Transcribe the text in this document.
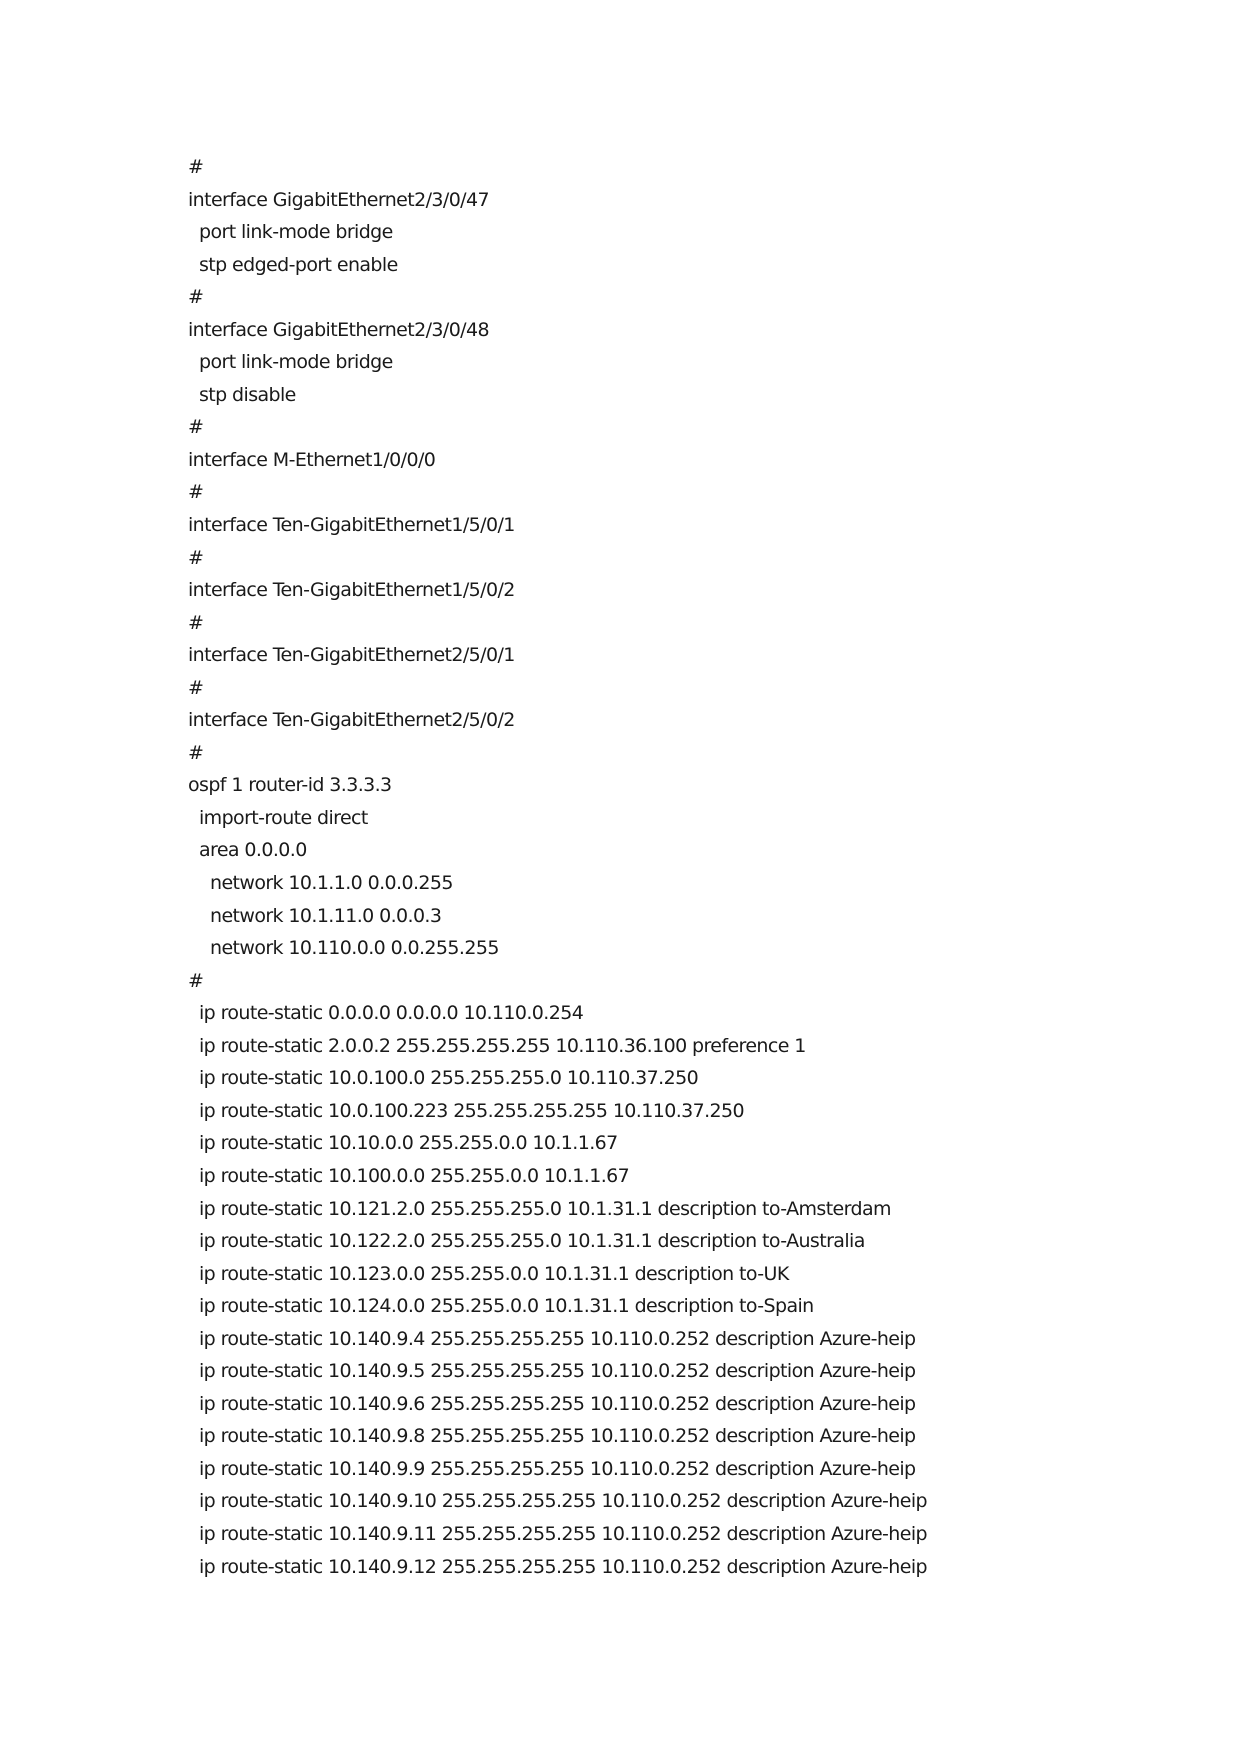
#
interface GigabitEthernet2/3/0/47
port link-mode bridge
stp edged-port enable
#
interface GigabitEthernet2/3/0/48
port link-mode bridge
stp disable
#
interface M-Ethernet1/0/0/0
#
interface Ten-GigabitEthernet1/5/0/1
#
interface Ten-GigabitEthernet1/5/0/2
#
interface Ten-GigabitEthernet2/5/0/1
#
interface Ten-GigabitEthernet2/5/0/2
#
ospf 1 router-id 3.3.3.3
import-route direct
area 0.0.0.0
network 10.1.1.0 0.0.0.255
network 10.1.11.0 0.0.0.3
network 10.110.0.0 0.0.255.255
#
ip route-static 0.0.0.0 0.0.0.0 10.110.0.254
ip route-static 2.0.0.2 255.255.255.255 10.110.36.100 preference 1
ip route-static 10.0.100.0 255.255.255.0 10.110.37.250
ip route-static 10.0.100.223 255.255.255.255 10.110.37.250
ip route-static 10.10.0.0 255.255.0.0 10.1.1.67
ip route-static 10.100.0.0 255.255.0.0 10.1.1.67
ip route-static 10.121.2.0 255.255.255.0 10.1.31.1 description to-Amsterdam
ip route-static 10.122.2.0 255.255.255.0 10.1.31.1 description to-Australia
ip route-static 10.123.0.0 255.255.0.0 10.1.31.1 description to-UK
ip route-static 10.124.0.0 255.255.0.0 10.1.31.1 description to-Spain
ip route-static 10.140.9.4 255.255.255.255 10.110.0.252 description Azure-heip
ip route-static 10.140.9.5 255.255.255.255 10.110.0.252 description Azure-heip
ip route-static 10.140.9.6 255.255.255.255 10.110.0.252 description Azure-heip
ip route-static 10.140.9.8 255.255.255.255 10.110.0.252 description Azure-heip
ip route-static 10.140.9.9 255.255.255.255 10.110.0.252 description Azure-heip
ip route-static 10.140.9.10 255.255.255.255 10.110.0.252 description Azure-heip
ip route-static 10.140.9.11 255.255.255.255 10.110.0.252 description Azure-heip
ip route-static 10.140.9.12 255.255.255.255 10.110.0.252 description Azure-heip
